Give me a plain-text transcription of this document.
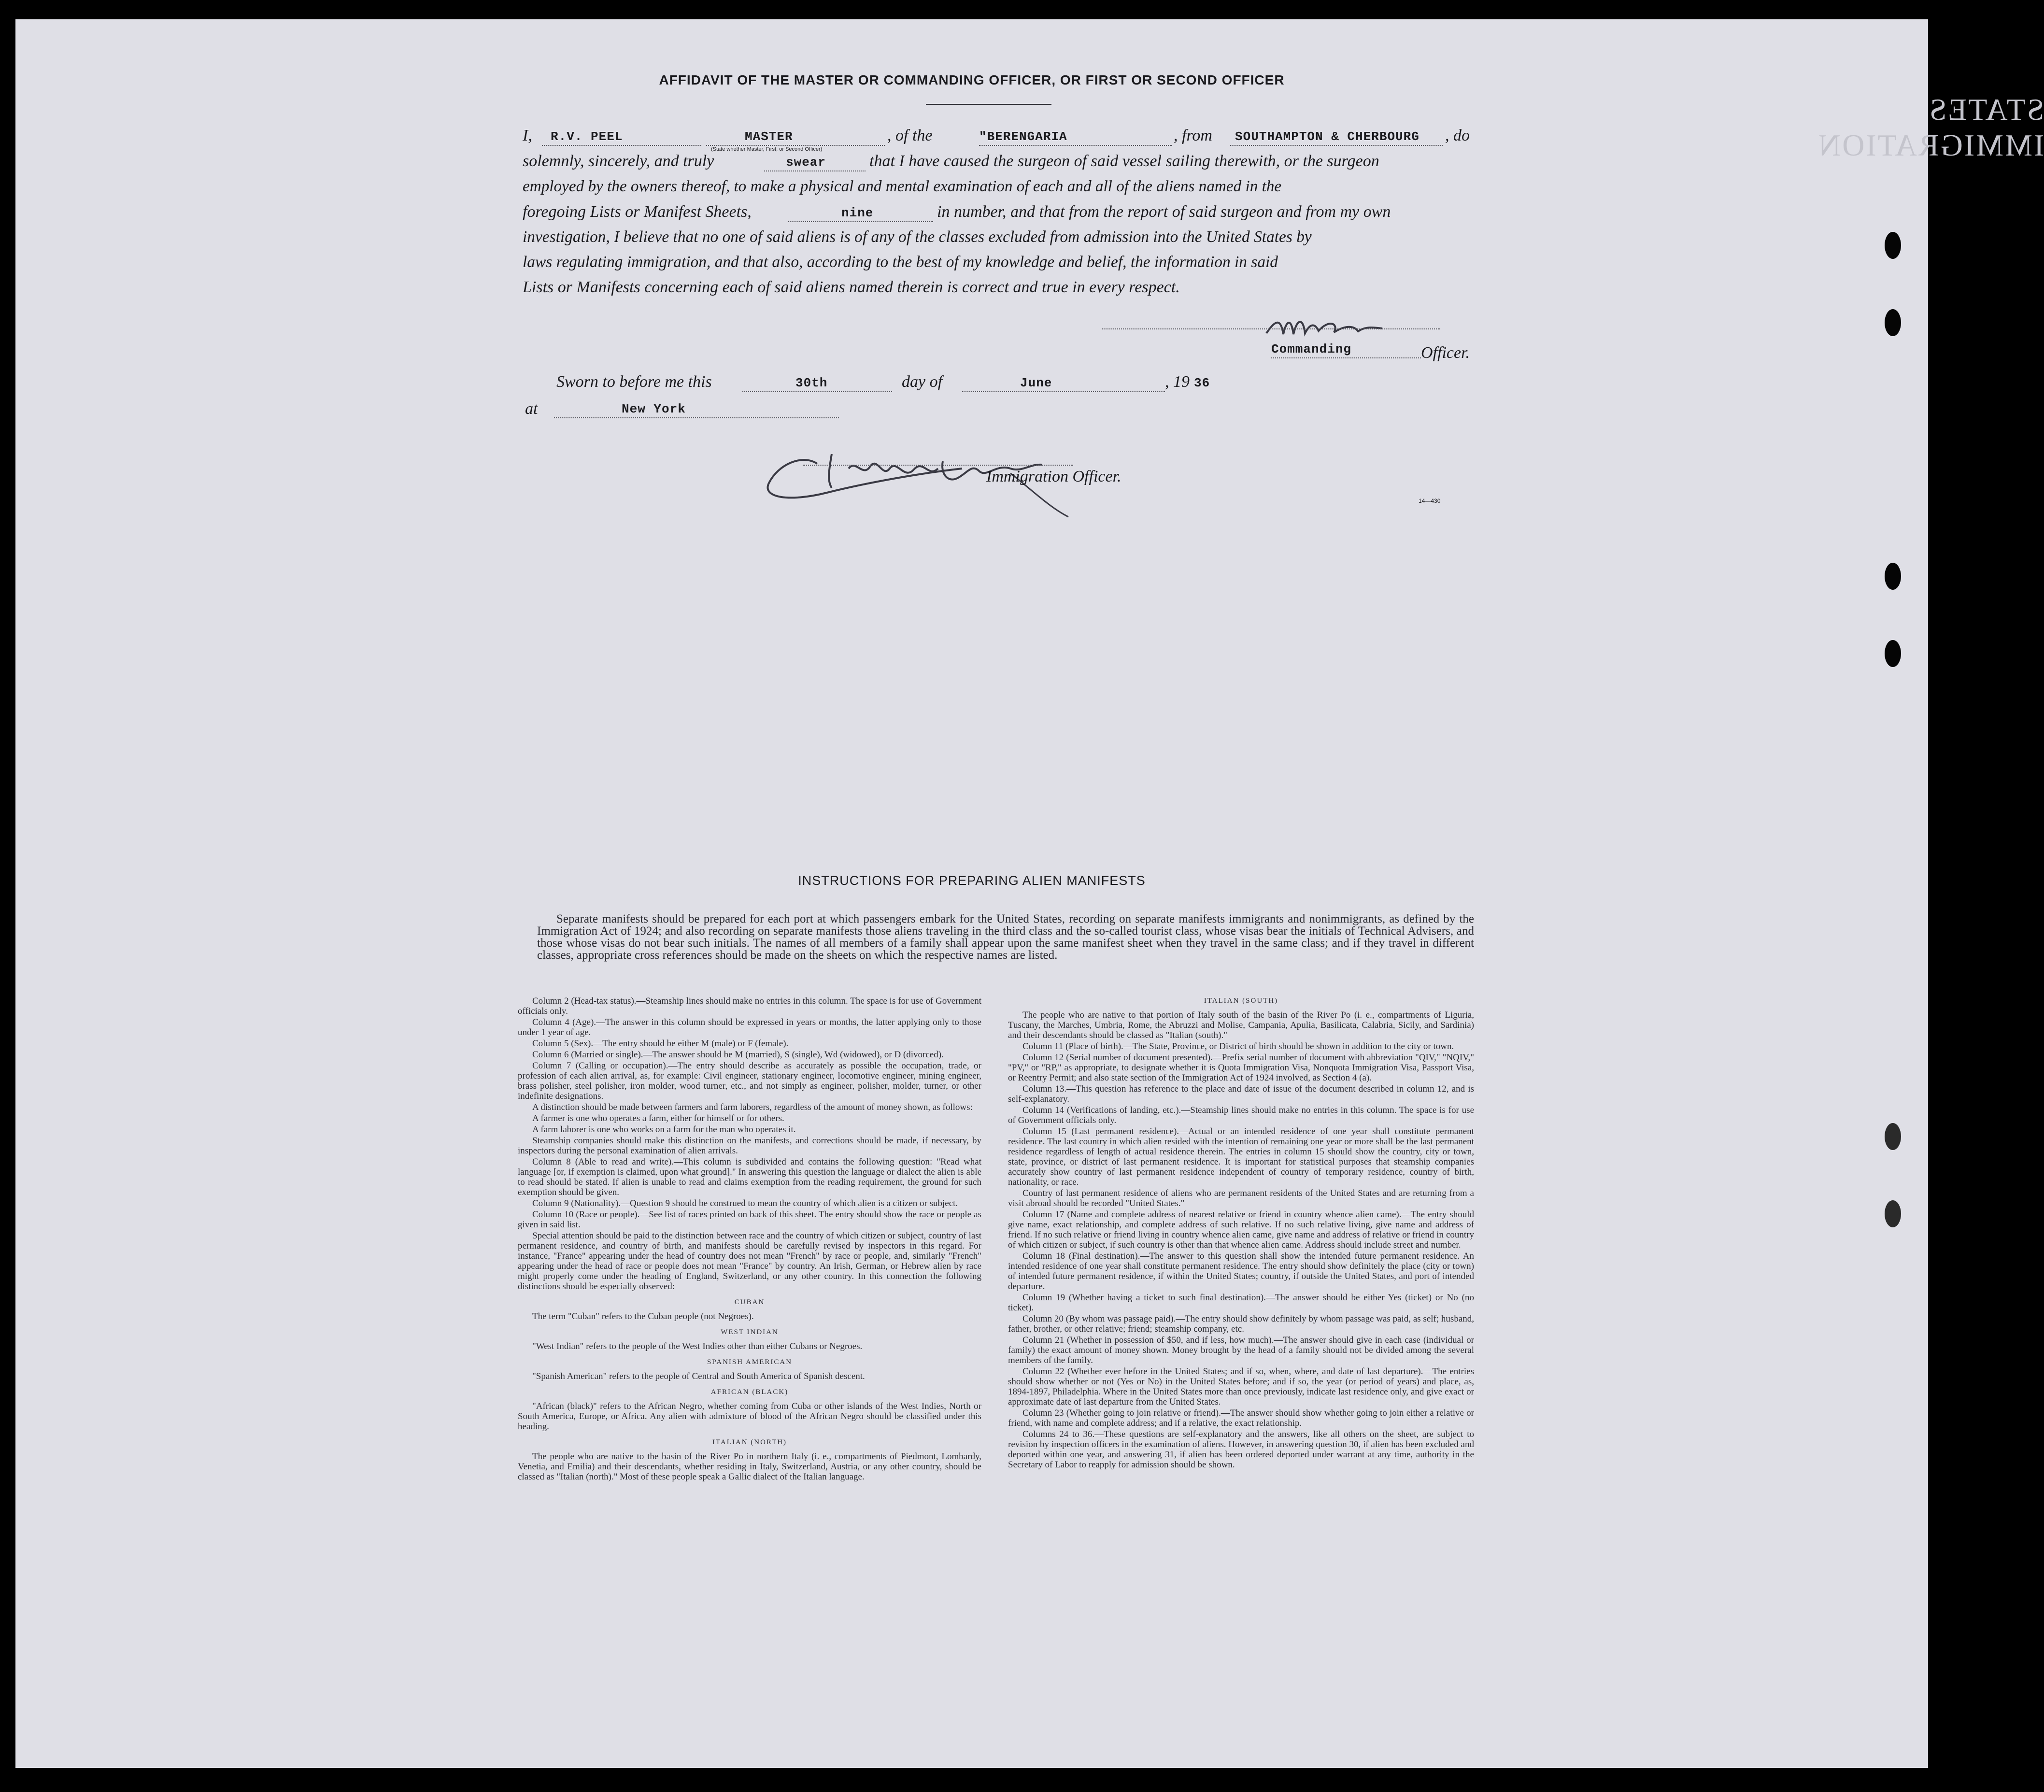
STATES IMMIGRATION
AFFIDAVIT OF THE MASTER OR COMMANDING OFFICER, OR FIRST OR SECOND OFFICER
I,	R.V. PEEL	MASTER
(State whether Master, First, or Second Officer)
, of the	"BERENGARIA	, from	SOUTHAMPTON & CHERBOURG	, do
solemnly, sincerely, and truly	swear	that I have caused the surgeon of said vessel sailing therewith, or the surgeon
employed by the owners thereof, to make a physical and mental examination of each and all of the aliens named in the
foregoing Lists or Manifest Sheets,	nine	in number, and that from the report of said surgeon and from my own
investigation, I believe that no one of said aliens is of any of the classes excluded from admission into the United States by
laws regulating immigration, and that also, according to the best of my knowledge and belief, the information in said
Lists or Manifests concerning each of said aliens named therein is correct and true in every respect.
Commanding	Officer.
Sworn to before me this	30th	day of	June	, 19 36
at	New York
Immigration Officer.
14—430
INSTRUCTIONS FOR PREPARING ALIEN MANIFESTS
Separate manifests should be prepared for each port at which passengers embark for the United States, recording on separate manifests immigrants and nonimmigrants, as defined by the Immigration Act of 1924; and also recording on separate manifests those aliens traveling in the third class and the so-called tourist class, whose visas bear the initials of Technical Advisers, and those whose visas do not bear such initials. The names of all members of a family shall appear upon the same manifest sheet when they travel in the same class; and if they travel in different classes, appropriate cross references should be made on the sheets on which the respective names are listed.

Column 2 (Head-tax status).—Steamship lines should make no entries in this column. The space is for use of Government officials only.

Column 4 (Age).—The answer in this column should be expressed in years or months, the latter applying only to those under 1 year of age.

Column 5 (Sex).—The entry should be either M (male) or F (female).

Column 6 (Married or single).—The answer should be M (married), S (single), Wd (widowed), or D (divorced).

Column 7 (Calling or occupation).—The entry should describe as accurately as possible the occupation, trade, or profession of each alien arrival, as, for example: Civil engineer, stationary engineer, locomotive engineer, mining engineer, brass polisher, steel polisher, iron molder, wood turner, etc., and not simply as engineer, polisher, molder, turner, or other indefinite designations.

A distinction should be made between farmers and farm laborers, regardless of the amount of money shown, as follows:

A farmer is one who operates a farm, either for himself or for others.

A farm laborer is one who works on a farm for the man who operates it.

Steamship companies should make this distinction on the manifests, and corrections should be made, if necessary, by inspectors during the personal examination of alien arrivals.

Column 8 (Able to read and write).—This column is subdivided and contains the following question: "Read what language [or, if exemption is claimed, upon what ground]." In answering this question the language or dialect the alien is able to read should be stated. If alien is unable to read and claims exemption from the reading requirement, the ground for such exemption should be given.

Column 9 (Nationality).—Question 9 should be construed to mean the country of which alien is a citizen or subject.

Column 10 (Race or people).—See list of races printed on back of this sheet. The entry should show the race or people as given in said list.

Special attention should be paid to the distinction between race and the country of which citizen or subject, country of last permanent residence, and country of birth, and manifests should be carefully revised by inspectors in this regard. For instance, "France" appearing under the head of country does not mean "French" by race or people, and, similarly "French" appearing under the head of race or people does not mean "France" by country. An Irish, German, or Hebrew alien by race might properly come under the heading of England, Switzerland, or any other country. In this connection the following distinctions should be especially observed:

CUBAN

The term "Cuban" refers to the Cuban people (not Negroes).

WEST INDIAN

"West Indian" refers to the people of the West Indies other than either Cubans or Negroes.

SPANISH AMERICAN

"Spanish American" refers to the people of Central and South America of Spanish descent.

AFRICAN (BLACK)

"African (black)" refers to the African Negro, whether coming from Cuba or other islands of the West Indies, North or South America, Europe, or Africa. Any alien with admixture of blood of the African Negro should be classified under this heading.

ITALIAN (NORTH)

The people who are native to the basin of the River Po in northern Italy (i. e., compartments of Piedmont, Lombardy, Venetia, and Emilia) and their descendants, whether residing in Italy, Switzerland, Austria, or any other country, should be classed as "Italian (north)." Most of these people speak a Gallic dialect of the Italian language.

ITALIAN (SOUTH)

The people who are native to that portion of Italy south of the basin of the River Po (i. e., compartments of Liguria, Tuscany, the Marches, Umbria, Rome, the Abruzzi and Molise, Campania, Apulia, Basilicata, Calabria, Sicily, and Sardinia) and their descendants should be classed as "Italian (south)."

Column 11 (Place of birth).—The State, Province, or District of birth should be shown in addition to the city or town.

Column 12 (Serial number of document presented).—Prefix serial number of document with abbreviation "QIV," "NQIV," "PV," or "RP," as appropriate, to designate whether it is Quota Immigration Visa, Nonquota Immigration Visa, Passport Visa, or Reentry Permit; and also state section of the Immigration Act of 1924 involved, as Section 4 (a).

Column 13.—This question has reference to the place and date of issue of the document described in column 12, and is self-explanatory.

Column 14 (Verifications of landing, etc.).—Steamship lines should make no entries in this column. The space is for use of Government officials only.

Column 15 (Last permanent residence).—Actual or an intended residence of one year shall constitute permanent residence. The last country in which alien resided with the intention of remaining one year or more shall be the last permanent residence regardless of length of actual residence therein. The entries in column 15 should show the country, city or town, state, province, or district of last permanent residence. It is important for statistical purposes that steamship companies accurately show country of last permanent residence independent of country of temporary residence, country of birth, nationality, or race.

Country of last permanent residence of aliens who are permanent residents of the United States and are returning from a visit abroad should be recorded "United States."

Column 17 (Name and complete address of nearest relative or friend in country whence alien came).—The entry should give name, exact relationship, and complete address of such relative. If no such relative living, give name and address of friend. If no such relative or friend living in country whence alien came, give name and address of relative or friend in country of which citizen or subject, if such country is other than that whence alien came. Address should include street and number.

Column 18 (Final destination).—The answer to this question shall show the intended future permanent residence. An intended residence of one year shall constitute permanent residence. The entry should show definitely the place (city or town) of intended future permanent residence, if within the United States; country, if outside the United States, and port of intended departure.

Column 19 (Whether having a ticket to such final destination).—The answer should be either Yes (ticket) or No (no ticket).

Column 20 (By whom was passage paid).—The entry should show definitely by whom passage was paid, as self; husband, father, brother, or other relative; friend; steamship company, etc.

Column 21 (Whether in possession of $50, and if less, how much).—The answer should give in each case (individual or family) the exact amount of money shown. Money brought by the head of a family should not be divided among the several members of the family.

Column 22 (Whether ever before in the United States; and if so, when, where, and date of last departure).—The entries should show whether or not (Yes or No) in the United States before; and if so, the year (or period of years) and place, as, 1894-1897, Philadelphia. Where in the United States more than once previously, indicate last residence only, and give exact or approximate date of last departure from the United States.

Column 23 (Whether going to join relative or friend).—The answer should show whether going to join either a relative or friend, with name and complete address; and if a relative, the exact relationship.

Columns 24 to 36.—These questions are self-explanatory and the answers, like all others on the sheet, are subject to revision by inspection officers in the examination of aliens. However, in answering question 30, if alien has been excluded and deported within one year, and answering 31, if alien has been ordered deported under warrant at any time, authority in the Secretary of Labor to reapply for admission should be shown.
